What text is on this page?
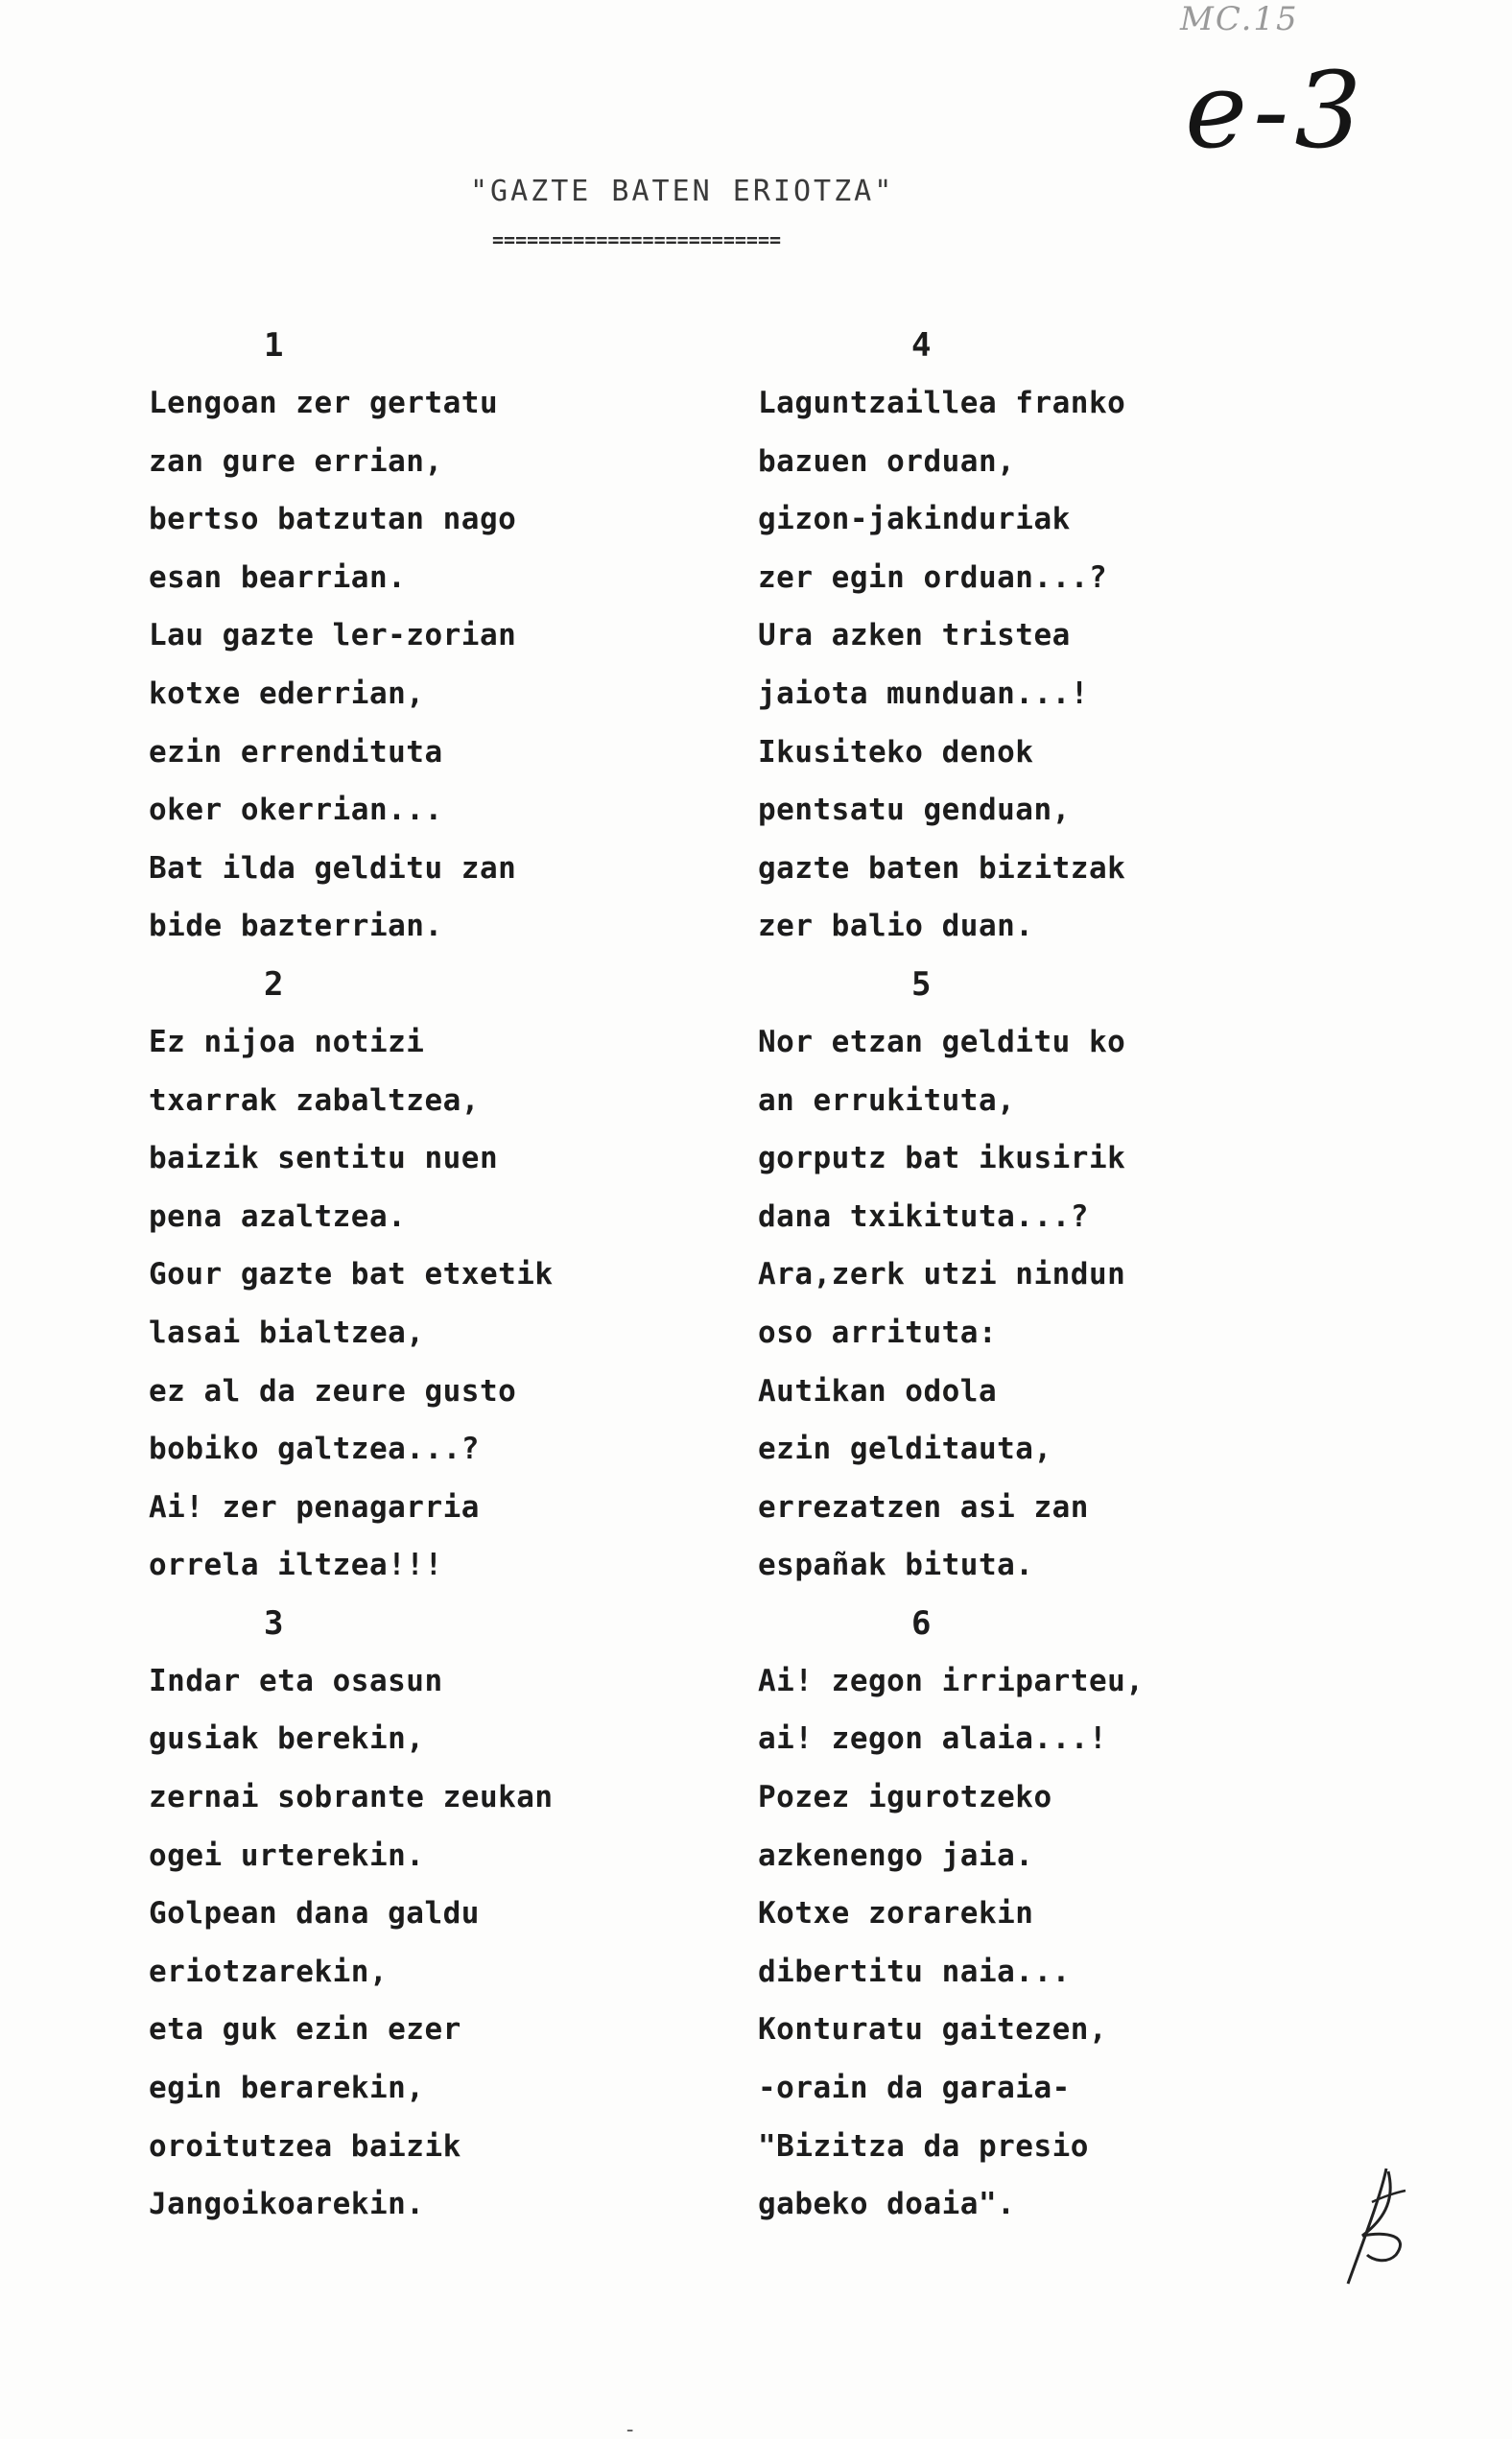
MC.15
e-3
"GAZTE BATEN ERIOTZA"
=========================
1
Lengoan zer gertatu
zan gure errian,
bertso batzutan nago
esan bearrian.
Lau gazte ler-zorian
kotxe ederrian,
ezin errendituta
oker okerrian...
Bat ilda gelditu zan
bide bazterrian.
2
Ez nijoa notizi
txarrak zabaltzea,
baizik sentitu nuen
pena azaltzea.
Gour gazte bat etxetik
lasai bialtzea,
ez al da zeure gusto
bobiko galtzea...?
Ai! zer penagarria
orrela iltzea!!!
3
Indar eta osasun
gusiak berekin,
zernai sobrante zeukan
ogei urterekin.
Golpean dana galdu
eriotzarekin,
eta guk ezin ezer
egin berarekin,
oroitutzea baizik
Jangoikoarekin.
4
Laguntzaillea franko
bazuen orduan,
gizon-jakinduriak
zer egin orduan...?
Ura azken tristea
jaiota munduan...!
Ikusiteko denok
pentsatu genduan,
gazte baten bizitzak
zer balio duan.
5
Nor etzan gelditu ko
an errukituta,
gorputz bat ikusirik
dana txikituta...?
Ara,zerk utzi nindun
oso arrituta:
Autikan odola
ezin gelditauta,
errezatzen asi zan
españak bituta.
6
Ai! zegon irriparteu,
ai! zegon alaia...!
Pozez igurotzeko
azkenengo jaia.
Kotxe zorarekin
dibertitu naia...
Konturatu gaitezen,
-orain da garaia-
"Bizitza da presio
gabeko doaia".
-
